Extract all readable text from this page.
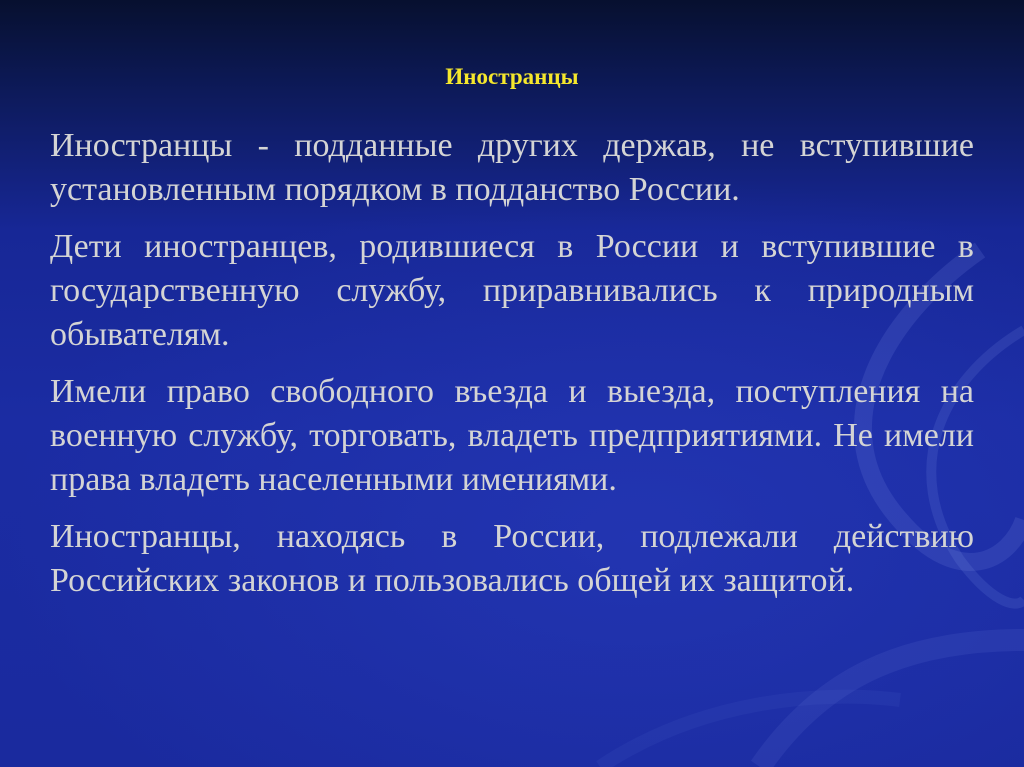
Иностранцы

Иностранцы - подданные других держав, не вступившие установленным порядком в подданство России.

Дети иностранцев, родившиеся в России и вступившие в государственную службу, приравнивались к природным обывателям.

Имели право свободного въезда и выезда, поступления на военную службу, торговать, владеть предприятиями. Не имели права владеть населенными имениями.

Иностранцы, находясь в России, подлежали действию Российских законов и пользовались общей их защитой.
